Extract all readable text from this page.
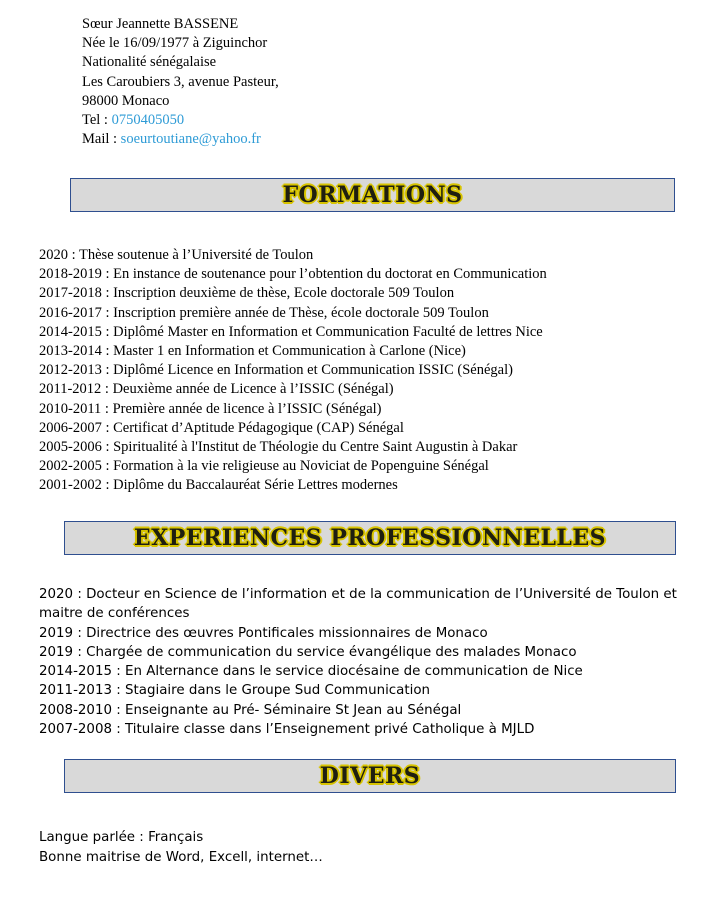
Sœur Jeannette BASSENE
Née le 16/09/1977 à Ziguinchor
Nationalité sénégalaise
Les Caroubiers 3, avenue Pasteur,
98000 Monaco
Tel : 0750405050
Mail : soeurtoutiane@yahoo.fr
FORMATIONS
2020 : Thèse soutenue à l’Université de Toulon
2018-2019 : En instance de soutenance pour l’obtention du doctorat en Communication
2017-2018 : Inscription deuxième de thèse, Ecole doctorale 509 Toulon
2016-2017 : Inscription première année de Thèse, école doctorale 509 Toulon
2014-2015 : Diplômé Master en Information et Communication Faculté de lettres Nice
2013-2014 : Master 1 en Information et Communication à Carlone (Nice)
2012-2013 : Diplômé Licence en Information et Communication ISSIC (Sénégal)
2011-2012 : Deuxième année de Licence à l’ISSIC (Sénégal)
2010-2011 : Première année de licence à l’ISSIC (Sénégal)
2006-2007 : Certificat d’Aptitude Pédagogique (CAP) Sénégal
2005-2006 : Spiritualité à l'Institut de Théologie du Centre Saint Augustin à Dakar
2002-2005 : Formation à la vie religieuse au Noviciat de Popenguine Sénégal
2001-2002 : Diplôme du Baccalauréat Série Lettres modernes
EXPERIENCES PROFESSIONNELLES
2020 : Docteur en Science de l’information et de la communication de l’Université de Toulon et maitre de conférences
2019 : Directrice des œuvres Pontificales missionnaires de Monaco
2019 : Chargée de communication du service évangélique des malades Monaco
2014-2015 : En Alternance dans le service diocésaine de communication de Nice
2011-2013 : Stagiaire dans le Groupe Sud Communication
2008-2010 : Enseignante au Pré- Séminaire St Jean au Sénégal
2007-2008 : Titulaire classe dans l’Enseignement privé Catholique à MJLD
DIVERS
Langue parlée : Français
Bonne maitrise de Word, Excell, internet…
